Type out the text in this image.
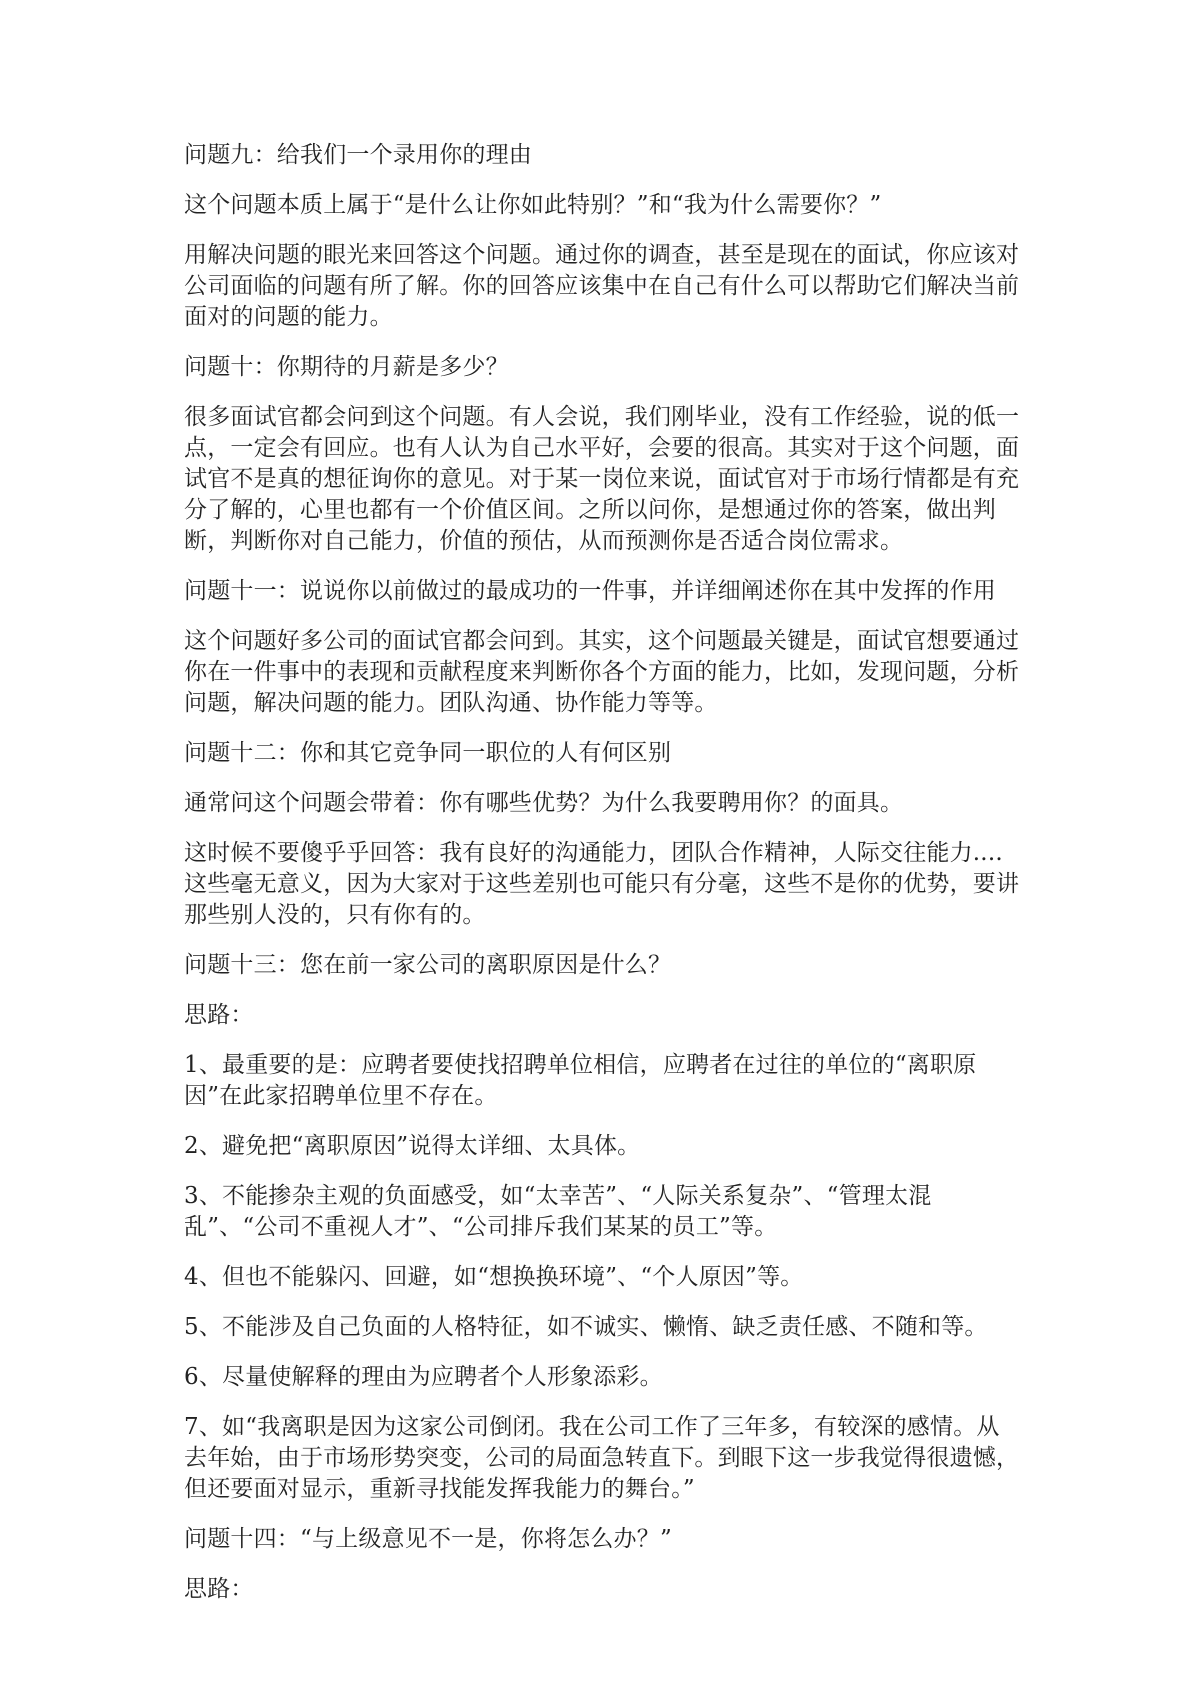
问题九：给我们一个录用你的理由

这个问题本质上属于“是什么让你如此特别？”和“我为什么需要你？”

用解决问题的眼光来回答这个问题。通过你的调查，甚至是现在的面试，你应该对公司面临的问题有所了解。你的回答应该集中在自己有什么可以帮助它们解决当前面对的问题的能力。

问题十：你期待的月薪是多少？

很多面试官都会问到这个问题。有人会说，我们刚毕业，没有工作经验，说的低一点，一定会有回应。也有人认为自己水平好，会要的很高。其实对于这个问题，面试官不是真的想征询你的意见。对于某一岗位来说，面试官对于市场行情都是有充分了解的，心里也都有一个价值区间。之所以问你，是想通过你的答案，做出判断，判断你对自己能力，价值的预估，从而预测你是否适合岗位需求。

问题十一：说说你以前做过的最成功的一件事，并详细阐述你在其中发挥的作用

这个问题好多公司的面试官都会问到。其实，这个问题最关键是，面试官想要通过你在一件事中的表现和贡献程度来判断你各个方面的能力，比如，发现问题，分析问题，解决问题的能力。团队沟通、协作能力等等。

问题十二：你和其它竞争同一职位的人有何区别

通常问这个问题会带着：你有哪些优势？为什么我要聘用你？的面具。

这时候不要傻乎乎回答：我有良好的沟通能力，团队合作精神，人际交往能力....这些毫无意义，因为大家对于这些差别也可能只有分毫，这些不是你的优势，要讲那些别人没的，只有你有的。

问题十三：您在前一家公司的离职原因是什么？

思路：

1、最重要的是：应聘者要使找招聘单位相信，应聘者在过往的单位的“离职原因”在此家招聘单位里不存在。

2、避免把“离职原因”说得太详细、太具体。

3、不能掺杂主观的负面感受，如“太幸苦”、“人际关系复杂”、“管理太混乱”、“公司不重视人才”、“公司排斥我们某某的员工”等。

4、但也不能躲闪、回避，如“想换换环境”、“个人原因”等。

5、不能涉及自己负面的人格特征，如不诚实、懒惰、缺乏责任感、不随和等。

6、尽量使解释的理由为应聘者个人形象添彩。

7、如“我离职是因为这家公司倒闭。我在公司工作了三年多，有较深的感情。从去年始，由于市场形势突变，公司的局面急转直下。到眼下这一步我觉得很遗憾，但还要面对显示，重新寻找能发挥我能力的舞台。”

问题十四：“与上级意见不一是，你将怎么办？”

思路：
